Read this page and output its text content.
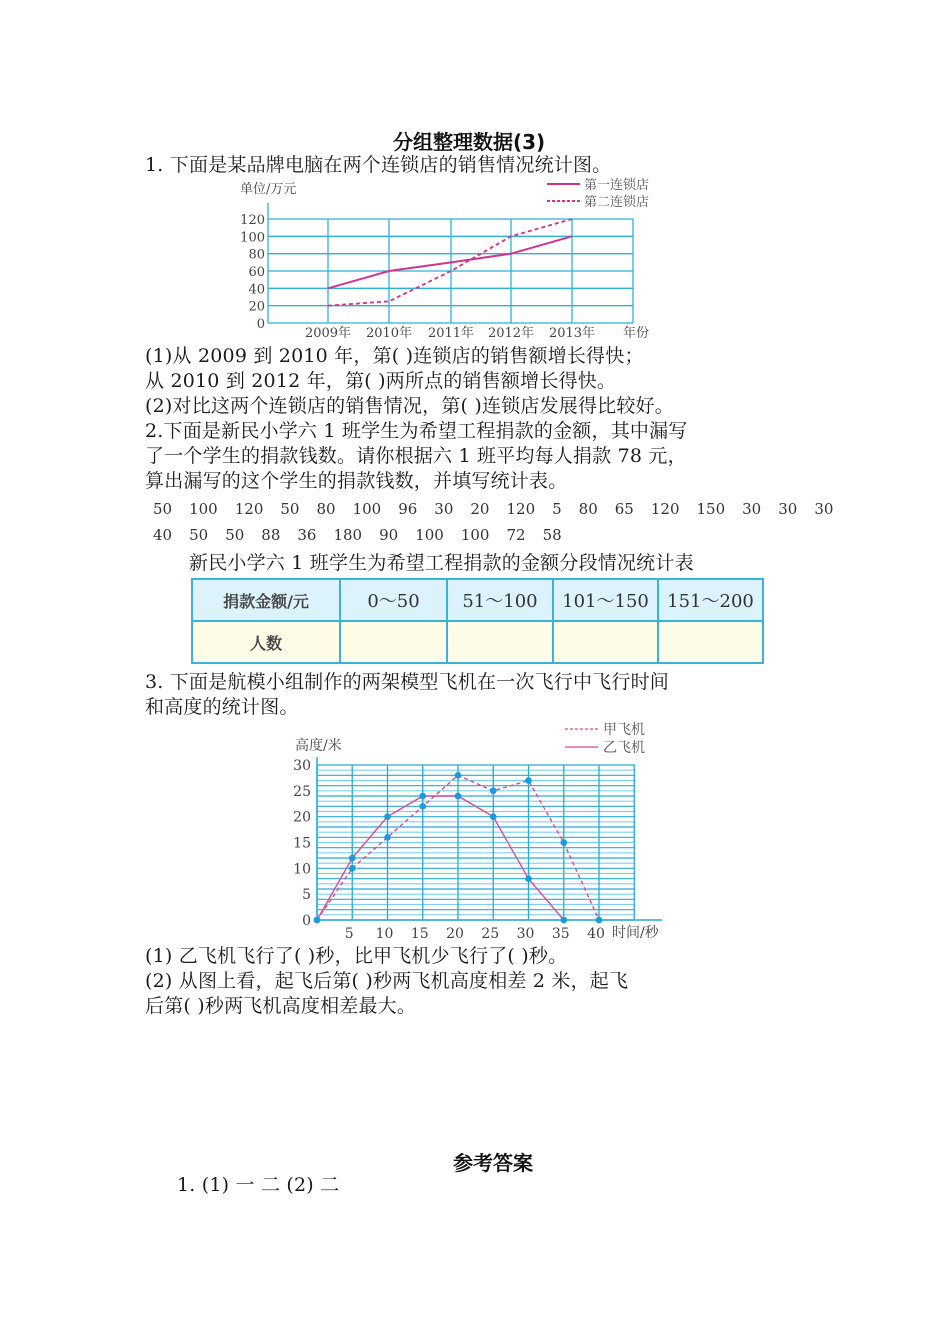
分组整理数据(3)
1. 下面是某品牌电脑在两个连锁店的销售情况统计图。
0
20
40
60
80
100
120
2009年 2010年 2011年 2012年 2013年 年份
单位/万元	第一连锁店
第二连锁店
(1)从 2009 到 2010 年，第( )连锁店的销售额增长得快；
从 2010 到 2012 年，第( )两所点的销售额增长得快。
(2)对比这两个连锁店的销售情况，第( )连锁店发展得比较好。
2.下面是新民小学六 1 班学生为希望工程捐款的金额，其中漏写
了一个学生的捐款钱数。请你根据六 1 班平均每人捐款 78 元，
算出漏写的这个学生的捐款钱数，并填写统计表。
50 100 120 50 80 100 96 30 20 120 5 80 65 120 150 30 30 30
40 50 50 88 36 180 90 100 100 72 58
新民小学六 1 班学生为希望工程捐款的金额分段情况统计表
捐款金额/元	0～50	51～100	101～150	151～200
人数				
3. 下面是航模小组制作的两架模型飞机在一次飞行中飞行时间
和高度的统计图。
0
5
10
15
20
25
30
高度/米
5 10 15 20 25 30 35 40 时间/秒
甲飞机
乙飞机
(1) 乙飞机飞行了( )秒，比甲飞机少飞行了( )秒。
(2) 从图上看，起飞后第( )秒两飞机高度相差 2 米，起飞
后第( )秒两飞机高度相差最大。
参考答案
1. (1) 一 二 (2) 二
